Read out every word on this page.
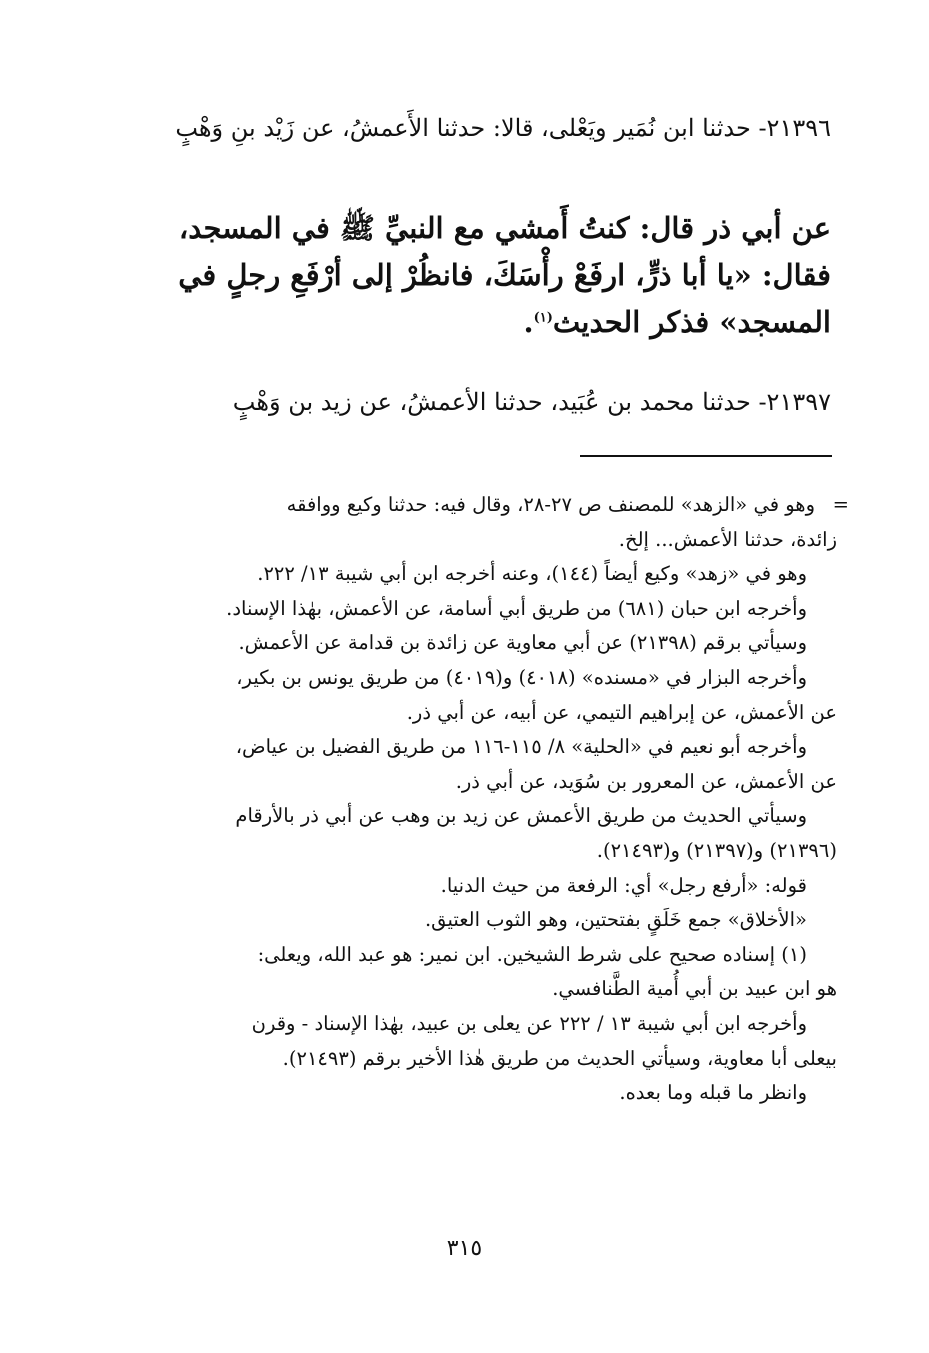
٢١٣٩٦- حدثنا ابن نُمَير ويَعْلى، قالا: حدثنا الأَعمشُ، عن زَيْد بنِ وَهْبٍ

عن أبي ذر قال: كنتُ أَمشي مع النبيِّ ﷺ في المسجد،
فقال: «يا أبا ذرٍّ، ارفَعْ رأْسَكَ، فانظُرْ إلى أرْفَعِ رجلٍ في
المسجد» فذكر الحديث$^{(١)}$.

٢١٣٩٧- حدثنا محمد بن عُبَيد، حدثنا الأعمشُ، عن زيد بن وَهْبٍ

=
وهو في «الزهد» للمصنف ص ٢٧-٢٨، وقال فيه: حدثنا وكيع ووافقه

زائدة، حدثنا الأعمش... إلخ.

وهو في «زهد» وكيع أيضاً (١٤٤)، وعنه أخرجه ابن أبي شيبة ١٣/ ٢٢٢.

وأخرجه ابن حبان (٦٨١) من طريق أبي أسامة، عن الأعمش، بهٰذا الإسناد.

وسيأتي برقم (٢١٣٩٨) عن أبي معاوية عن زائدة بن قدامة عن الأعمش.

وأخرجه البزار في «مسنده» (٤٠١٨) و(٤٠١٩) من طريق يونس بن بكير،

عن الأعمش، عن إبراهيم التيمي، عن أبيه، عن أبي ذر.

وأخرجه أبو نعيم في «الحلية» ٨/ ١١٥-١١٦ من طريق الفضيل بن عياض،

عن الأعمش، عن المعرور بن سُوَيد، عن أبي ذر.

وسيأتي الحديث من طريق الأعمش عن زيد بن وهب عن أبي ذر بالأرقام

(٢١٣٩٦) و(٢١٣٩٧) و(٢١٤٩٣).

قوله: «أرفع رجل» أي: الرفعة من حيث الدنيا.

«الأخلاق» جمع خَلَقٍ بفتحتين، وهو الثوب العتيق.

(١) إسناده صحيح على شرط الشيخين. ابن نمير: هو عبد الله، ويعلى:

هو ابن عبيد بن أبي أُمية الطَّنافسي.

وأخرجه ابن أبي شيبة ١٣ / ٢٢٢ عن يعلى بن عبيد، بهٰذا الإسناد - وقرن

بيعلى أبا معاوية، وسيأتي الحديث من طريق هٰذا الأخير برقم (٢١٤٩٣).

وانظر ما قبله وما بعده.

٣١٥
